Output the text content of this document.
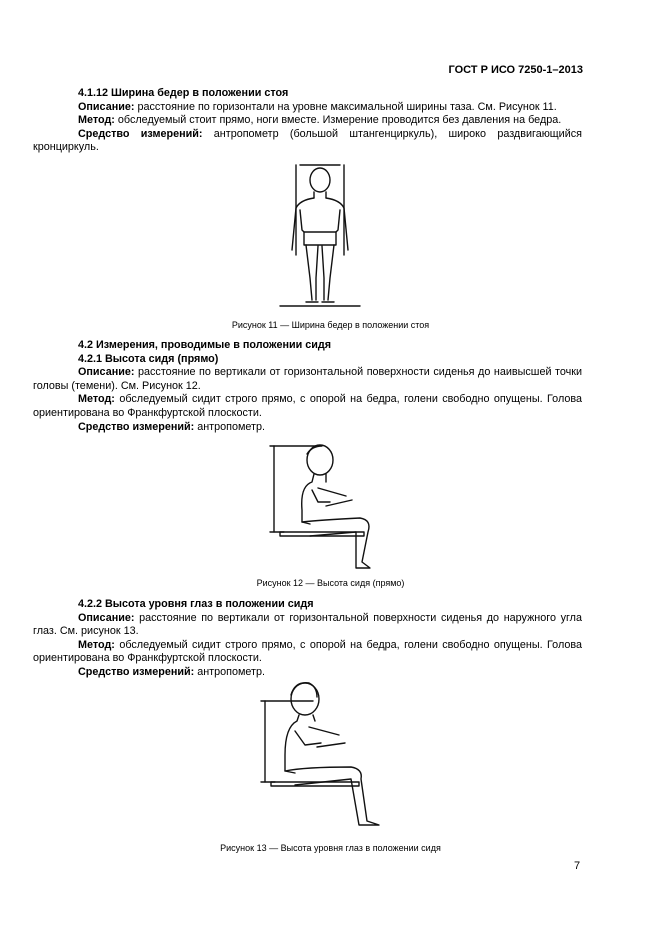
ГОСТ Р ИСО 7250-1–2013

4.1.12 Ширина бедер в положении стоя

Описание: расстояние по горизонтали на уровне максимальной ширины таза. См. Рисунок 11.

Метод: обследуемый стоит прямо, ноги вместе. Измерение проводится без давления на бедра.

Средство измерений: антропометр (большой штангенциркуль), широко раздвигающийся кронциркуль.

Рисунок 11 — Ширина бедер в положении стоя

4.2 Измерения, проводимые в положении сидя

4.2.1 Высота сидя (прямо)

Описание: расстояние по вертикали от горизонтальной поверхности сиденья до наивысшей точки головы (темени). См. Рисунок 12.

Метод: обследуемый сидит строго прямо, с опорой на бедра, голени свободно опущены. Голова ориентирована во Франкфуртской плоскости.

Средство измерений: антропометр.

Рисунок 12 — Высота сидя (прямо)

4.2.2 Высота уровня глаз в положении сидя

Описание: расстояние по вертикали от горизонтальной поверхности сиденья до наружного угла глаз. См. рисунок 13.

Метод: обследуемый сидит строго прямо, с опорой на бедра, голени свободно опущены. Голова ориентирована во Франкфуртской плоскости.

Средство измерений: антропометр.

Рисунок 13 — Высота уровня глаз в положении сидя
7
